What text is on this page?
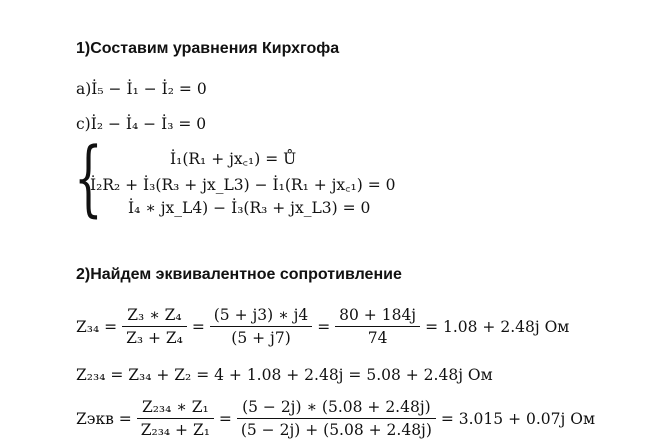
1)Составим уравнения Кирхгофа
a)İ₅ − İ₁ − İ₂ = 0
c)İ₂ − İ₄ − İ₃ = 0
{	İ₁(R₁ + jx꜀₁) = Ů
İ₂R₂ + İ₃(R₃ + jx_L3) − İ₁(R₁ + jx꜀₁) = 0
İ₄ ∗ jx_L4) − İ₃(R₃ + jx_L3) = 0
2)Найдем эквивалентное сопротивление
$Z_{34} = \frac{\text{Z₃ ∗ Z₄}}{\text{Z₃ + Z₄}} = \frac{(5 + j3) ∗ j4}{(5 + j7)} = \frac{80 + 184j}{74} = 1.08 + 2.48j$ Ом
Z₂₃₄ = Z₃₄ + Z₂ = 4 + 1.08 + 2.48j = 5.08 + 2.48j Ом
Zэкв = $\frac{\text{Z₂₃₄ ∗ Z₁}}{\text{Z₂₃₄ + Z₁}} = \frac{(5 - 2j) ∗ (5.08 + 2.48j)}{(5 - 2j) + (5.08 + 2.48j)} = 3.015 + 0.07j$ Ом
